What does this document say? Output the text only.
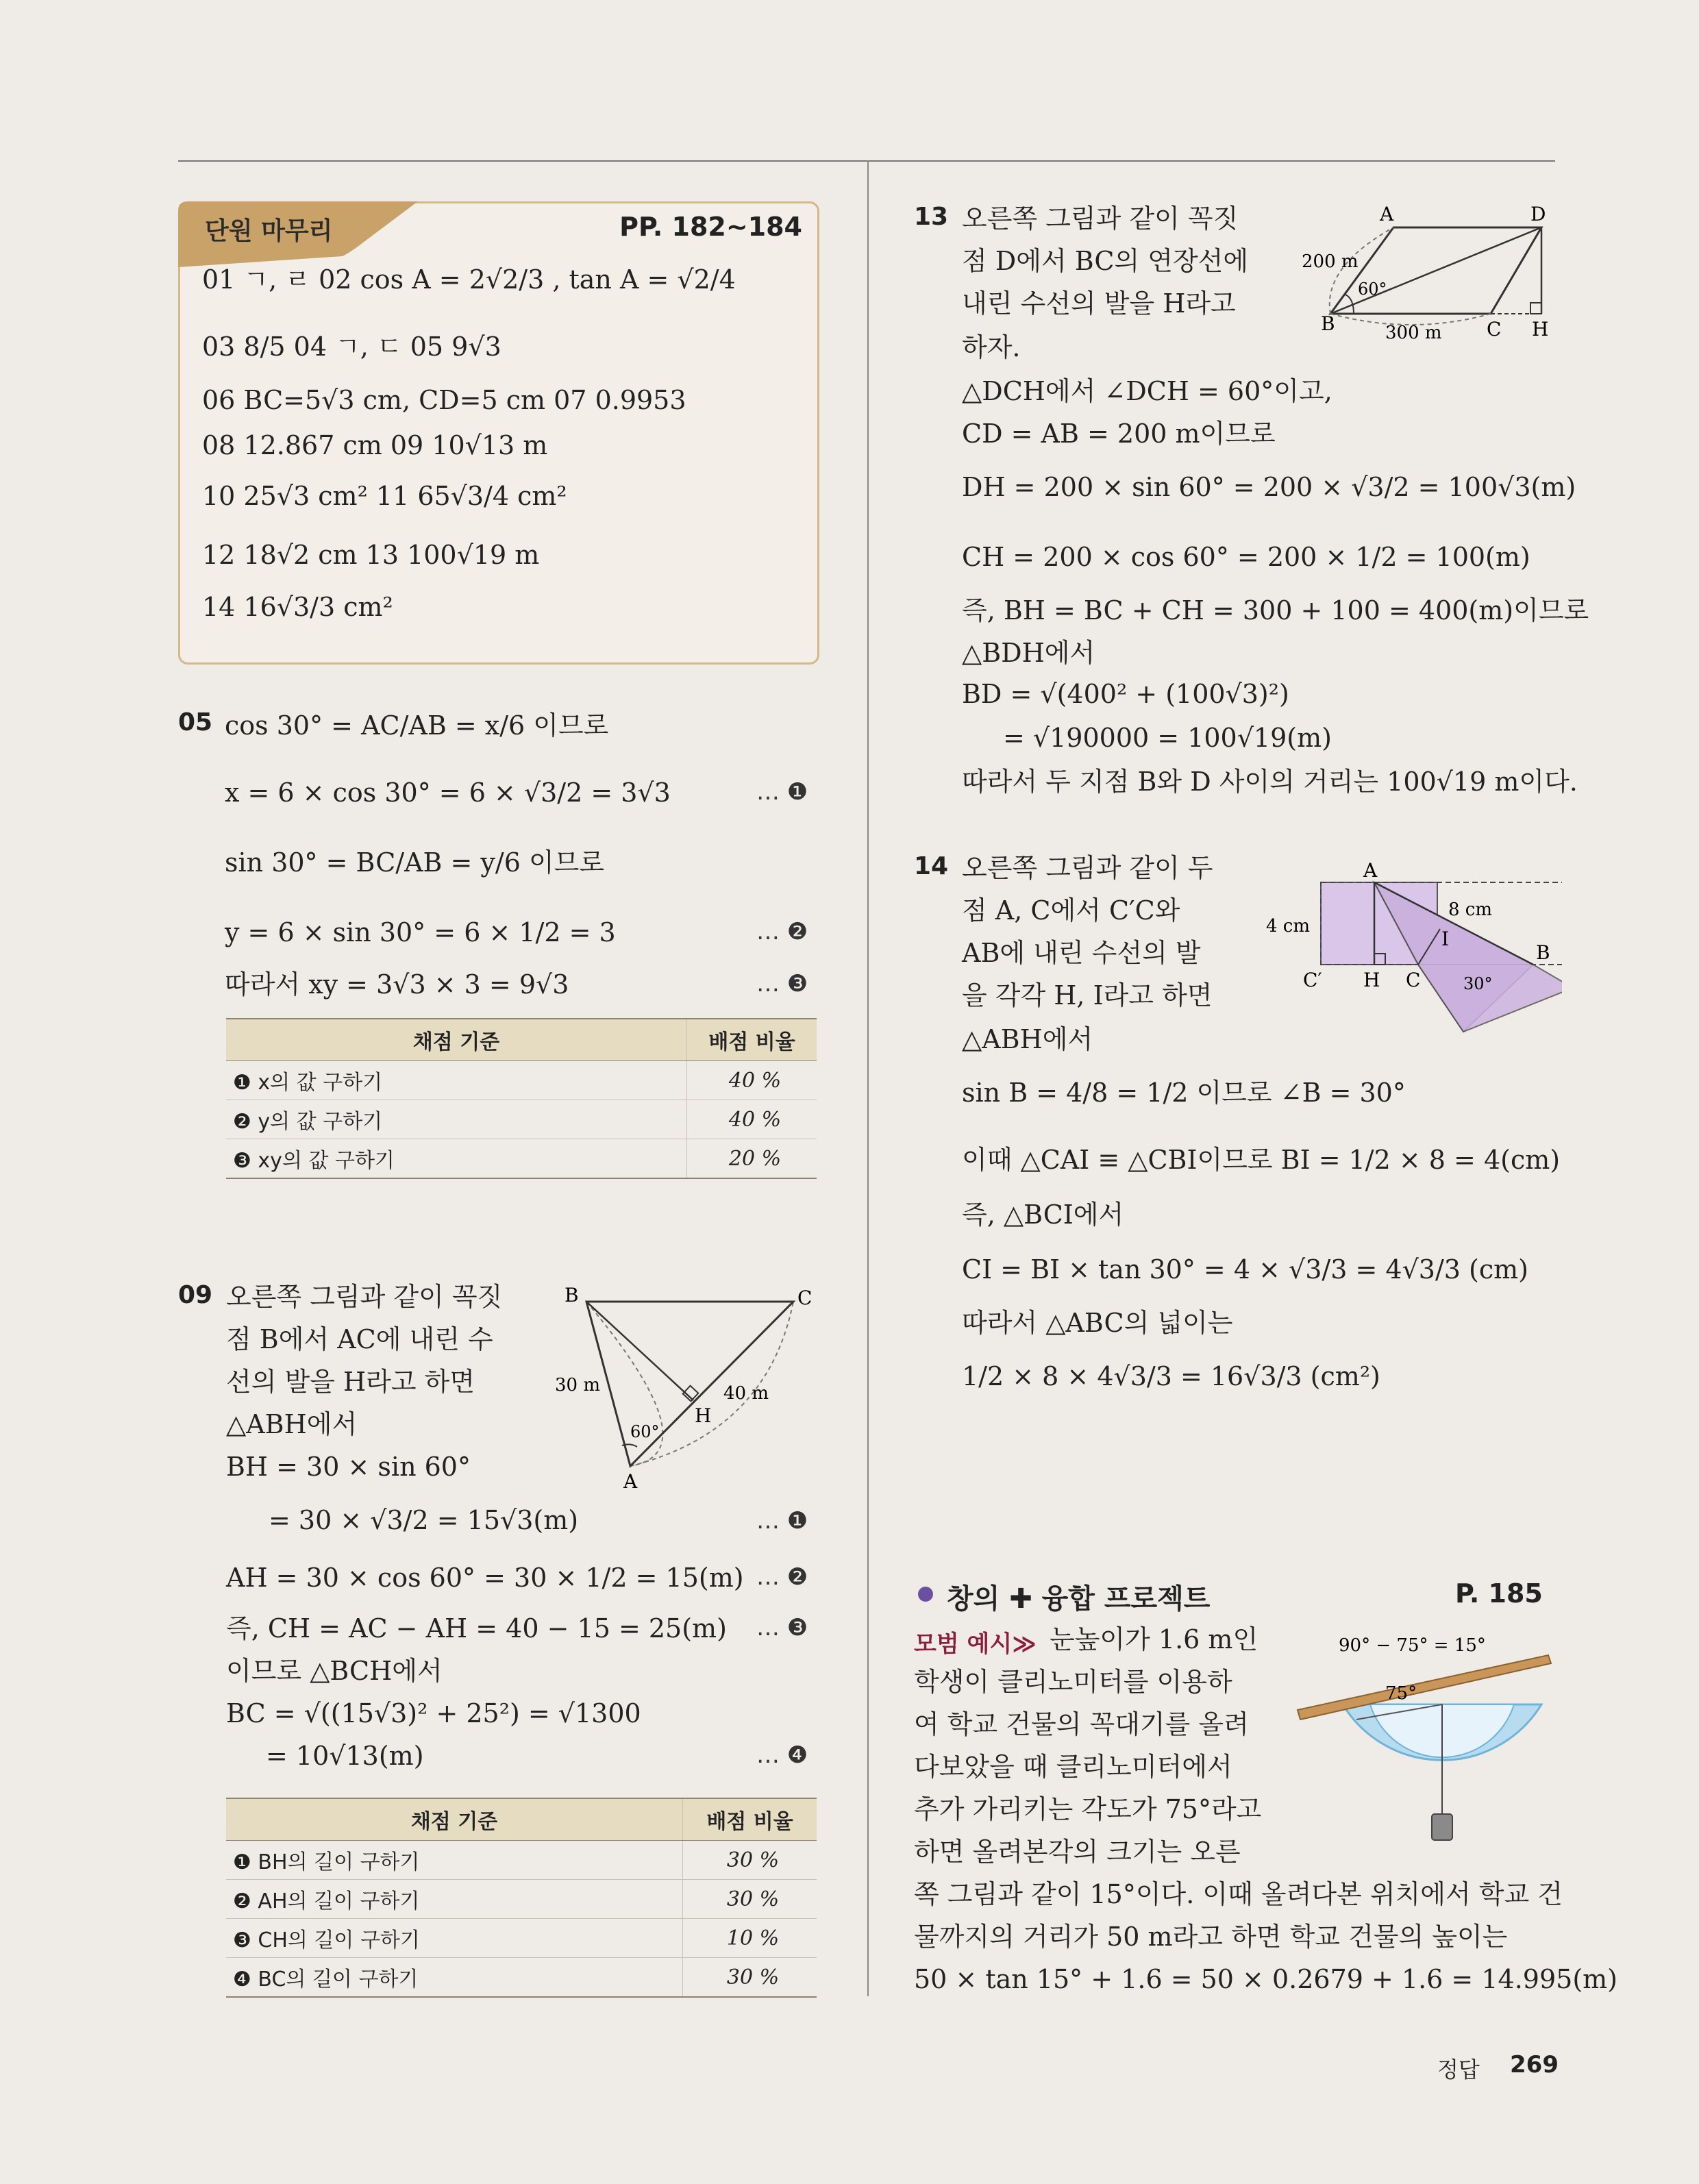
단원 마무리	PP. 182~184
01 ㄱ, ㄹ 02 cos A = 2√2/3 , tan A = √2/4
03 8/5 04 ㄱ, ㄷ 05 9√3
06 BC=5√3 cm, CD=5 cm 07 0.9953
08 12.867 cm 09 10√13 m
10 25√3 cm² 11 65√3/4 cm²
12 18√2 cm 13 100√19 m
14 16√3/3 cm²
05 cos 30° = AC/AB = x/6 이므로
x = 6 × cos 30° = 6 × √3/2 = 3√3
sin 30° = BC/AB = y/6 이므로
y = 6 × sin 30° = 6 × 1/2 = 3
따라서 xy = 3√3 × 3 = 9√3
… ❶
… ❷
… ❸
채점 기준	배점 비율
❶ x의 값 구하기	40 %
❷ y의 값 구하기	40 %
❸ xy의 값 구하기	20 %
09 오른쪽 그림과 같이 꼭짓
점 B에서 AC에 내린 수
선의 발을 H라고 하면
△ABH에서
BH = 30 × sin 60°
= 30 × √3/2 = 15√3(m)
AH = 30 × cos 60° = 30 × 1/2 = 15(m)
즉, CH = AC − AH = 40 − 15 = 25(m)
이므로 △BCH에서
BC = √((15√3)² + 25²) = √1300
= 10√13(m)
… ❶
… ❷
… ❸
… ❹
B	C
A
H
30 m	40 m
60°
채점 기준	배점 비율
❶ BH의 길이 구하기	30 %
❷ AH의 길이 구하기	30 %
❸ CH의 길이 구하기	10 %
❹ BC의 길이 구하기	30 %
13 오른쪽 그림과 같이 꼭짓
점 D에서 BC의 연장선에
내린 수선의 발을 H라고
하자.
△DCH에서 ∠DCH = 60°이고,
CD = AB = 200 m이므로
DH = 200 × sin 60° = 200 × √3/2 = 100√3(m)
CH = 200 × cos 60° = 200 × 1/2 = 100(m)
즉, BH = BC + CH = 300 + 100 = 400(m)이므로
△BDH에서
BD = √(400² + (100√3)²)
= √190000 = 100√19(m)
따라서 두 지점 B와 D 사이의 거리는 100√19 m이다.
A	D
B	C H
200 m
300 m
60°
14 오른쪽 그림과 같이 두
점 A, C에서 C′C와
AB에 내린 수선의 발
을 각각 H, I라고 하면
△ABH에서
sin B = 4/8 = 1/2 이므로 ∠B = 30°
이때 △CAI ≡ △CBI이므로 BI = 1/2 × 8 = 4(cm)
즉, △BCI에서
CI = BI × tan 30° = 4 × √3/3 = 4√3/3 (cm)
따라서 △ABC의 넓이는
1/2 × 8 × 4√3/3 = 16√3/3 (cm²)
A
B
C
C′ H
I
4 cm
8 cm
30°
창의 ✚ 융합 프로젝트	P. 185
모범 예시≫ 눈높이가 1.6 m인
학생이 클리노미터를 이용하
여 학교 건물의 꼭대기를 올려
다보았을 때 클리노미터에서
추가 가리키는 각도가 75°라고
하면 올려본각의 크기는 오른
쪽 그림과 같이 15°이다. 이때 올려다본 위치에서 학교 건
물까지의 거리가 50 m라고 하면 학교 건물의 높이는
50 × tan 15° + 1.6 = 50 × 0.2679 + 1.6 = 14.995(m)
90° − 75° = 15°
75°
정답 269
